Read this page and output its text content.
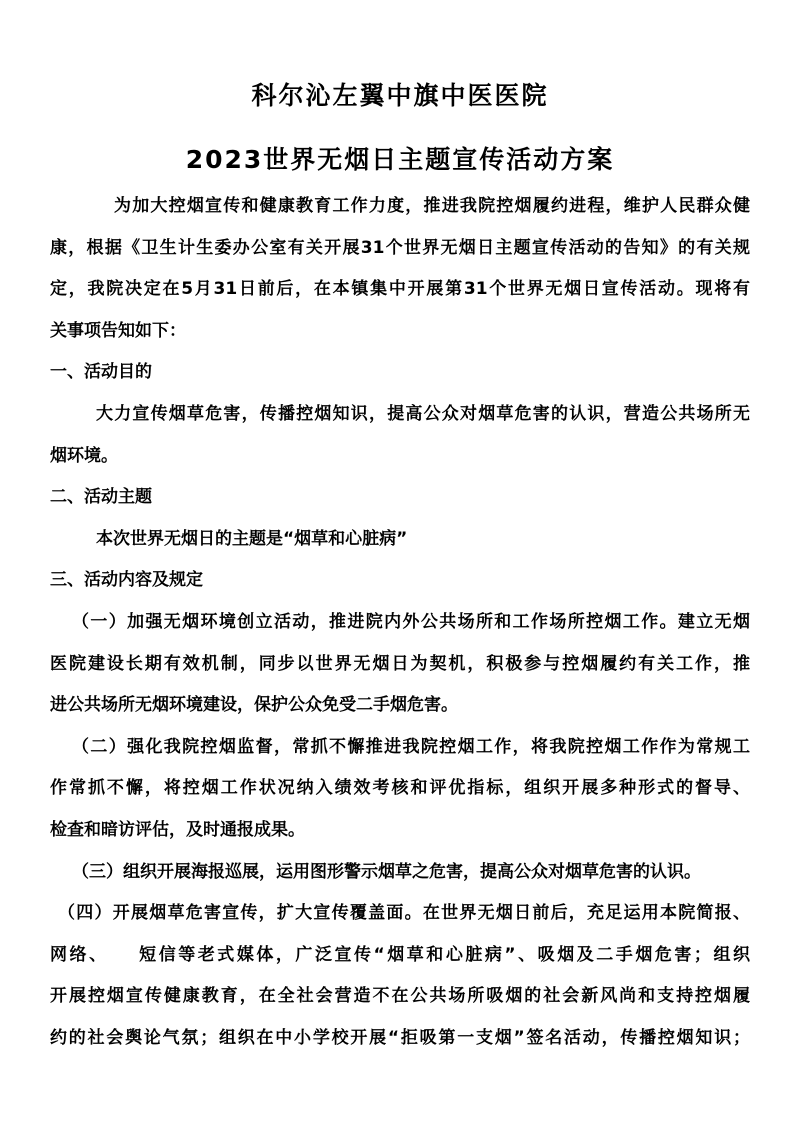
科尔沁左翼中旗中医医院
2023世界无烟日主题宣传活动方案

为加大控烟宣传和健康教育工作力度，推进我院控烟履约进程，维护人民群众健
康，根据《卫生计生委办公室有关开展31个世界无烟日主题宣传活动的告知》的有关规
定，我院决定在5月31日前后，在本镇集中开展第31个世界无烟日宣传活动。现将有
关事项告知如下：

一、活动目的

大力宣传烟草危害，传播控烟知识，提高公众对烟草危害的认识，营造公共场所无
烟环境。

二、活动主题

本次世界无烟日的主题是“烟草和心脏病”

三、活动内容及规定

（一）加强无烟环境创立活动，推进院内外公共场所和工作场所控烟工作。建立无烟
医院建设长期有效机制，同步以世界无烟日为契机，积极参与控烟履约有关工作，推
进公共场所无烟环境建设，保护公众免受二手烟危害。

（二）强化我院控烟监督，常抓不懈推进我院控烟工作，将我院控烟工作作为常规工
作常抓不懈，将控烟工作状况纳入绩效考核和评优指标，组织开展多种形式的督导、
检查和暗访评估，及时通报成果。

（三）组织开展海报巡展，运用图形警示烟草之危害，提高公众对烟草危害的认识。

（四）开展烟草危害宣传，扩大宣传覆盖面。在世界无烟日前后，充足运用本院简报、
网络、　　短信等老式媒体，广泛宣传“烟草和心脏病”、吸烟及二手烟危害；组织
开展控烟宣传健康教育，在全社会营造不在公共场所吸烟的社会新风尚和支持控烟履
约的社会舆论气氛；组织在中小学校开展“拒吸第一支烟”签名活动，传播控烟知识；
